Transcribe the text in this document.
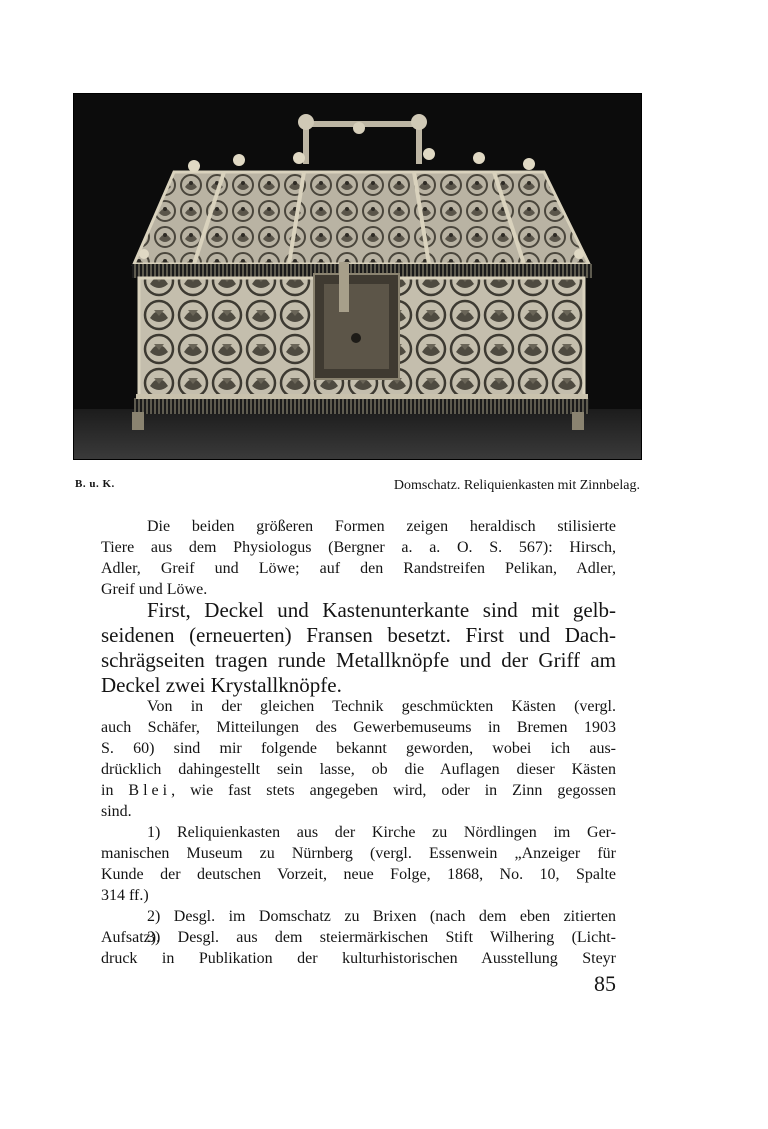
B. u. K.	Domschatz. Reliquienkasten mit Zinnbelag.

Die beiden größeren Formen zeigen heraldisch stilisierte
Tiere aus dem Physiologus (Bergner a. a. O. S. 567): Hirsch,
Adler, Greif und Löwe; auf den Randstreifen Pelikan, Adler,
Greif und Löwe.

First, Deckel und Kastenunterkante sind mit gelb-
seidenen (erneuerten) Fransen besetzt. First und Dach-
schrägseiten tragen runde Metallknöpfe und der Griff am
Deckel zwei Krystallknöpfe.

Von in der gleichen Technik geschmückten Kästen (vergl.
auch Schäfer, Mitteilungen des Gewerbemuseums in Bremen 1903
S. 60) sind mir folgende bekannt geworden, wobei ich aus-
drücklich dahingestellt sein lasse, ob die Auflagen dieser Kästen
in Blei, wie fast stets angegeben wird, oder in Zinn gegossen
sind.

1) Reliquienkasten aus der Kirche zu Nördlingen im Ger-
manischen Museum zu Nürnberg (vergl. Essenwein „Anzeiger für
Kunde der deutschen Vorzeit, neue Folge, 1868, No. 10, Spalte
314 ff.)

2) Desgl. im Domschatz zu Brixen (nach dem eben zitierten
Aufsatz).

3) Desgl. aus dem steiermärkischen Stift Wilhering (Licht-
druck in Publikation der kulturhistorischen Ausstellung Steyr

85
